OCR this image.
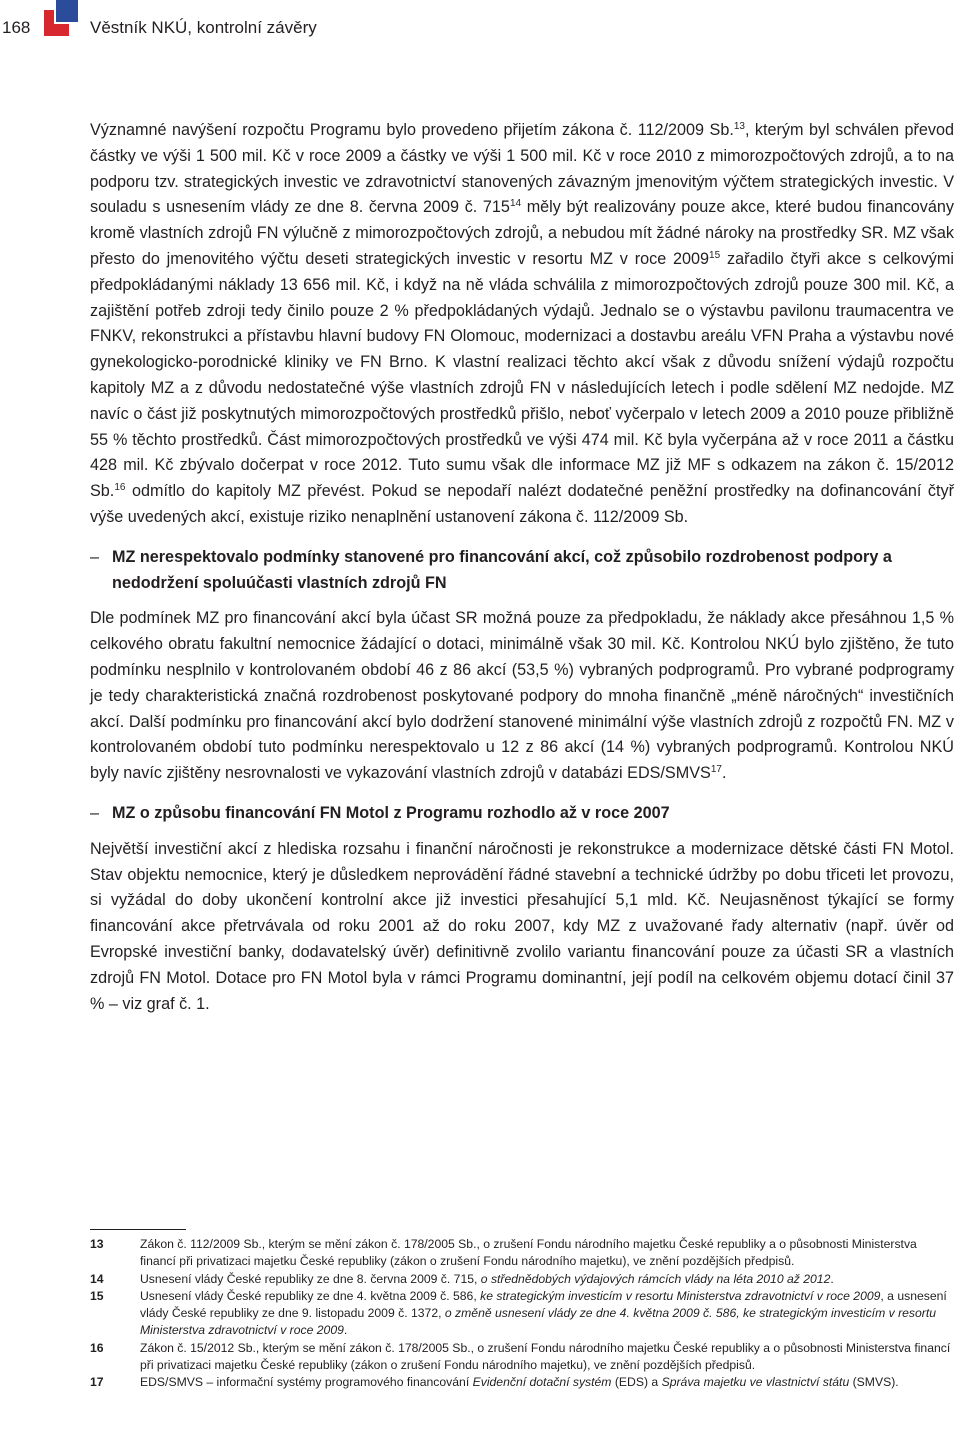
168	Věstník NKÚ, kontrolní závěry

Významné navýšení rozpočtu Programu bylo provedeno přijetím zákona č. 112/2009 Sb.$^{13}$, kterým byl schválen převod částky ve výši 1 500 mil. Kč v roce 2009 a částky ve výši 1 500 mil. Kč v roce 2010 z mimorozpočtových zdrojů, a to na podporu tzv. strategických investic ve zdravotnictví stanovených závazným jmenovitým výčtem strategických investic. V souladu s usnesením vlády ze dne 8. června 2009 č. $715^{14}$ měly být realizovány pouze akce, které budou financovány kromě vlastních zdrojů FN výlučně z mimorozpočtových zdrojů, a nebudou mít žádné nároky na prostředky SR. MZ však přesto do jmenovitého výčtu deseti strategických investic v resortu MZ v roce 2009$^{15}$ zařadilo čtyři akce s celkovými předpokládanými náklady 13 656 mil. Kč, i když na ně vláda schválila z mimorozpočtových zdrojů pouze 300 mil. Kč, a zajištění potřeb zdroji tedy činilo pouze 2 % předpokládaných výdajů. Jednalo se o výstavbu pavilonu traumacentra ve FNKV, rekonstrukci a přístavbu hlavní budovy FN Olomouc, modernizaci a dostavbu areálu VFN Praha a výstavbu nové gynekologicko-porodnické kliniky ve FN Brno. K vlastní realizaci těchto akcí však z důvodu snížení výdajů rozpočtu kapitoly MZ a z důvodu nedostatečné výše vlastních zdrojů FN v následujících letech i podle sdělení MZ nedojde. MZ navíc o část již poskytnutých mimorozpočtových prostředků přišlo, neboť vyčerpalo v letech 2009 a 2010 pouze přibližně 55 % těchto prostředků. Část mimorozpočtových prostředků ve výši 474 mil. Kč byla vyčerpána až v roce 2011 a částku 428 mil. Kč zbývalo dočerpat v roce 2012. Tuto sumu však dle informace MZ již MF s odkazem na zákon č. 15/2012 Sb.$^{16}$ odmítlo do kapitoly MZ převést. Pokud se nepodaří nalézt dodatečné peněžní prostředky na dofinancování čtyř výše uvedených akcí, existuje riziko nenaplnění ustanovení zákona č. 112/2009 Sb.

– MZ nerespektovalo podmínky stanovené pro financování akcí, což způsobilo rozdrobenost podpory a nedodržení spoluúčasti vlastních zdrojů FN

Dle podmínek MZ pro financování akcí byla účast SR možná pouze za předpokladu, že náklady akce přesáhnou 1,5 % celkového obratu fakultní nemocnice žádající o dotaci, minimálně však 30 mil. Kč. Kontrolou NKÚ bylo zjištěno, že tuto podmínku nesplnilo v kontrolovaném období 46 z 86 akcí (53,5 %) vybraných podprogramů. Pro vybrané podprogramy je tedy charakteristická značná rozdrobenost poskytované podpory do mnoha finančně „méně náročných“ investičních akcí. Další podmínku pro financování akcí bylo dodržení stanovené minimální výše vlastních zdrojů z rozpočtů FN. MZ v kontrolovaném období tuto podmínku nerespektovalo u 12 z 86 akcí (14 %) vybraných podprogramů. Kontrolou NKÚ byly navíc zjištěny nesrovnalosti ve vykazování vlastních zdrojů v databázi EDS/SMVS$^{17}$.

– MZ o způsobu financování FN Motol z Programu rozhodlo až v roce 2007

Největší investiční akcí z hlediska rozsahu i finanční náročnosti je rekonstrukce a modernizace dětské části FN Motol. Stav objektu nemocnice, který je důsledkem neprovádění řádné stavební a technické údržby po dobu třiceti let provozu, si vyžádal do doby ukončení kontrolní akce již investici přesahující 5,1 mld. Kč. Neujasněnost týkající se formy financování akce přetrvávala od roku 2001 až do roku 2007, kdy MZ z uvažované řady alternativ (např. úvěr od Evropské investiční banky, dodavatelský úvěr) definitivně zvolilo variantu financování pouze za účasti SR a vlastních zdrojů FN Motol. Dotace pro FN Motol byla v rámci Programu dominantní, její podíl na celkovém objemu dotací činil 37 % – viz graf č. 1.

13	Zákon č. 112/2009 Sb., kterým se mění zákon č. 178/2005 Sb., o zrušení Fondu národního majetku České republiky a o působnosti Ministerstva financí při privatizaci majetku České republiky (zákon o zrušení Fondu národního majetku), ve znění pozdějších předpisů.

14	Usnesení vlády České republiky ze dne 8. června 2009 č. 715, o střednědobých výdajových rámcích vlády na léta 2010 až 2012.

15	Usnesení vlády České republiky ze dne 4. května 2009 č. 586, ke strategickým investicím v resortu Ministerstva zdravotnictví v roce 2009, a usnesení vlády České republiky ze dne 9. listopadu 2009 č. 1372, o změně usnesení vlády ze dne 4. května 2009 č. 586, ke strategickým investicím v resortu Ministerstva zdravotnictví v roce 2009.

16	Zákon č. 15/2012 Sb., kterým se mění zákon č. 178/2005 Sb., o zrušení Fondu národního majetku České republiky a o působnosti Ministerstva financí při privatizaci majetku České republiky (zákon o zrušení Fondu národního majetku), ve znění pozdějších předpisů.

17	EDS/SMVS – informační systémy programového financování Evidenční dotační systém (EDS) a Správa majetku ve vlastnictví státu (SMVS).
